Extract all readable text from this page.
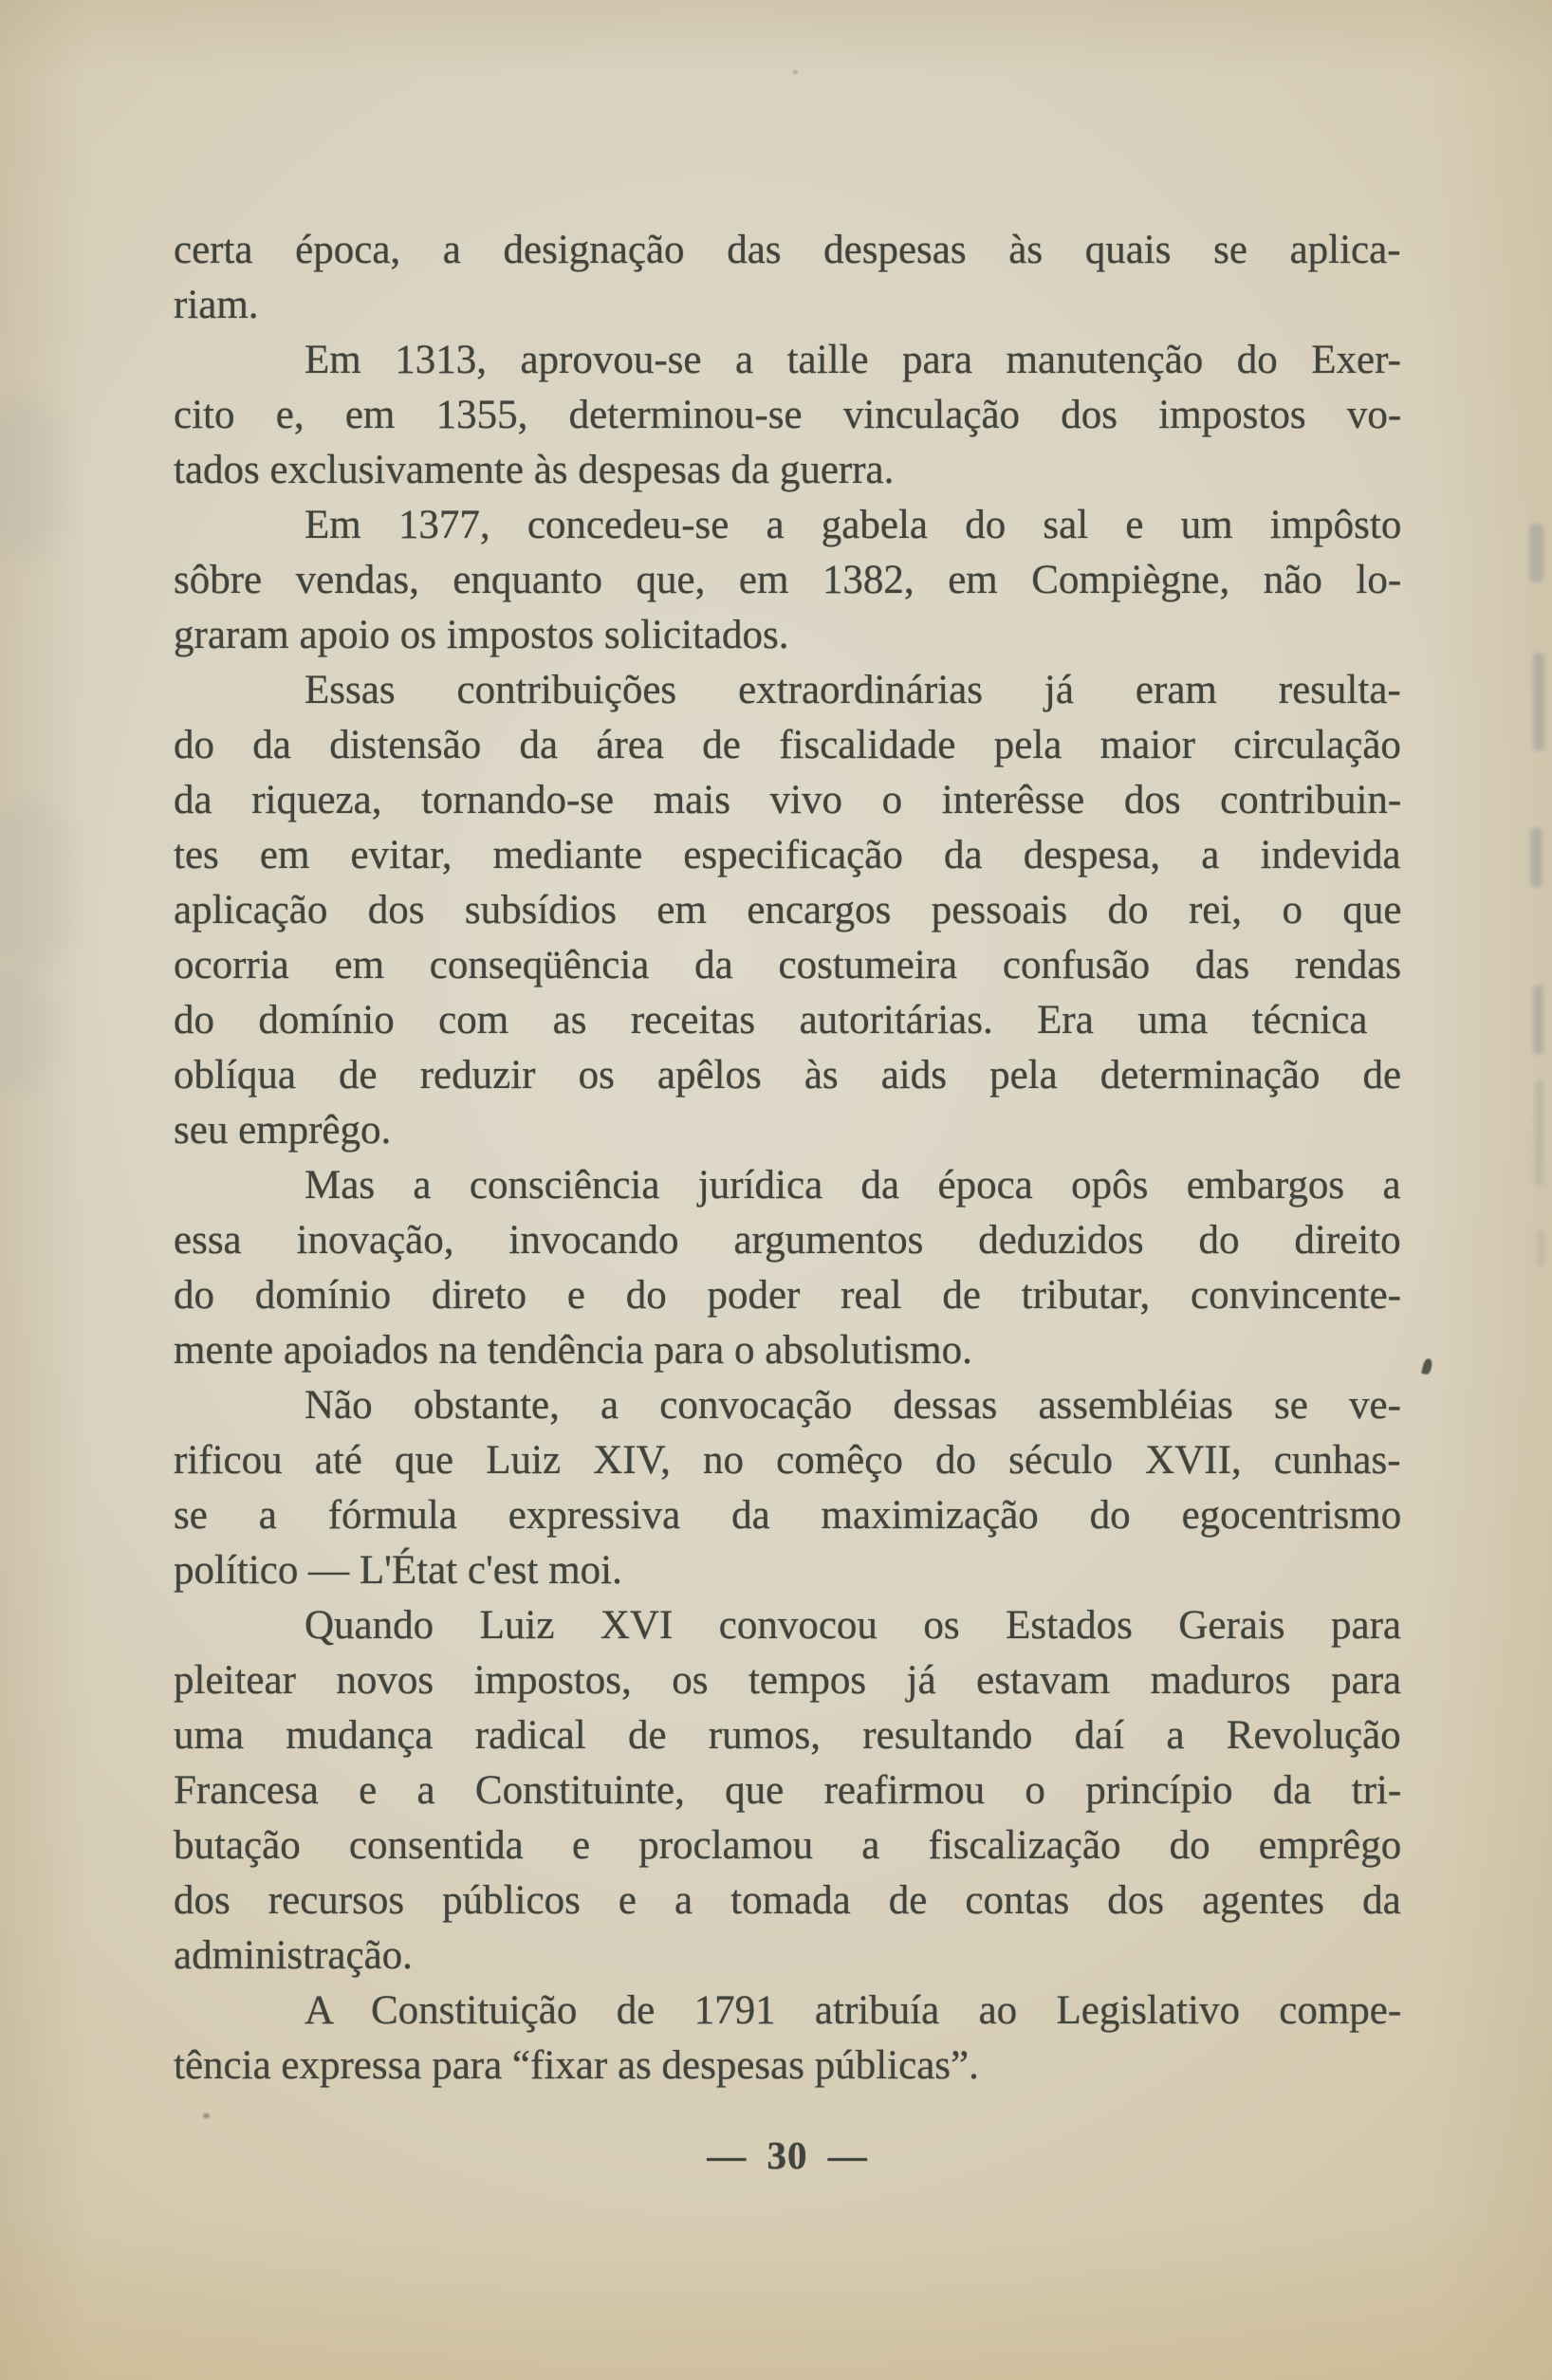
certa época, a designação das despesas às quais se aplica-
riam.
Em 1313, aprovou-se a taille para manutenção do Exer-
cito e, em 1355, determinou-se vinculação dos impostos vo-
tados exclusivamente às despesas da guerra.
Em 1377, concedeu-se a gabela do sal e um impôsto
sôbre vendas, enquanto que, em 1382, em Compiègne, não lo-
graram apoio os impostos solicitados.
Essas contribuições extraordinárias já eram resulta-
do da distensão da área de fiscalidade pela maior circulação
da riqueza, tornando-se mais vivo o interêsse dos contribuin-
tes em evitar, mediante especificação da despesa, a indevida
aplicação dos subsídios em encargos pessoais do rei, o que
ocorria em conseqüência da costumeira confusão das rendas
do domínio com as receitas autoritárias. Era uma técnica
oblíqua de reduzir os apêlos às aids pela determinação de
seu emprêgo.
Mas a consciência jurídica da época opôs embargos a
essa inovação, invocando argumentos deduzidos do direito
do domínio direto e do poder real de tributar, convincente-
mente apoiados na tendência para o absolutismo.
Não obstante, a convocação dessas assembléias se ve-
rificou até que Luiz XIV, no comêço do século XVII, cunhas-
se a fórmula expressiva da maximização do egocentrismo
político — L'État c'est moi.
Quando Luiz XVI convocou os Estados Gerais para
pleitear novos impostos, os tempos já estavam maduros para
uma mudança radical de rumos, resultando daí a Revolução
Francesa e a Constituinte, que reafirmou o princípio da tri-
butação consentida e proclamou a fiscalização do emprêgo
dos recursos públicos e a tomada de contas dos agentes da
administração.
A Constituição de 1791 atribuía ao Legislativo compe-
tência expressa para “fixar as despesas públicas”.
— 30 —
